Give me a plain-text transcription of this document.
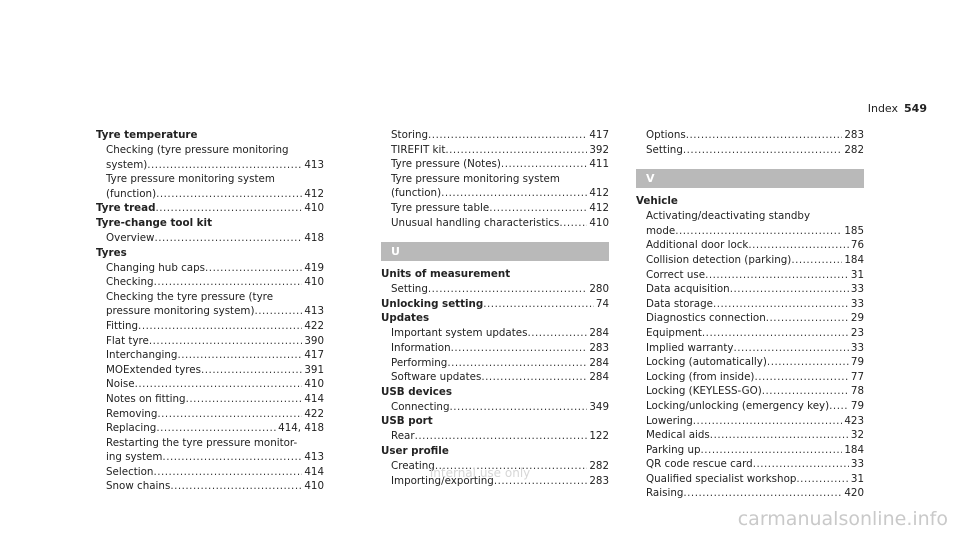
Index 549
Tyre temperature
Checking (tyre pressure monitoring
system) .....	413
Tyre pressure monitoring system
(function) .....	412
Tyre tread .....	410
Tyre-change tool kit
Overview .....	418
Tyres
Changing hub caps .....	419
Checking .....	410
Checking the tyre pressure (tyre
pressure monitoring system) .....	413
Fitting .....	422
Flat tyre .....	390
Interchanging .....	417
MOExtended tyres .....	391
Noise .....	410
Notes on fitting .....	414
Removing .....	422
Replacing .....	414, 418
Restarting the tyre pressure monitor-
ing system .....	413
Selection .....	414
Snow chains .....	410
Storing .....	417
TIREFIT kit .....	392
Tyre pressure (Notes) .....	411
Tyre pressure monitoring system
(function) .....	412
Tyre pressure table .....	412
Unusual handling characteristics .....	410
U
Units of measurement
Setting .....	280
Unlocking setting .....	74
Updates
Important system updates .....	284
Information .....	283
Performing .....	284
Software updates .....	284
USB devices
Connecting .....	349
USB port
Rear .....	122
User profile
Creating .....	282
Importing/exporting .....	283
Options .....	283
Setting .....	282
V
Vehicle
Activating/deactivating standby
mode .....	185
Additional door lock .....	76
Collision detection (parking) .....	184
Correct use .....	31
Data acquisition .....	33
Data storage .....	33
Diagnostics connection .....	29
Equipment .....	23
Implied warranty .....	33
Locking (automatically) .....	79
Locking (from inside) .....	77
Locking (KEYLESS-GO) .....	78
Locking/unlocking (emergency key) ..... 79
Lowering .....	423
Medical aids .....	32
Parking up .....	184
QR code rescue card .....	33
Qualified specialist workshop .....	31
Raising .....	420
Internal use only
carmanualsonline.info
